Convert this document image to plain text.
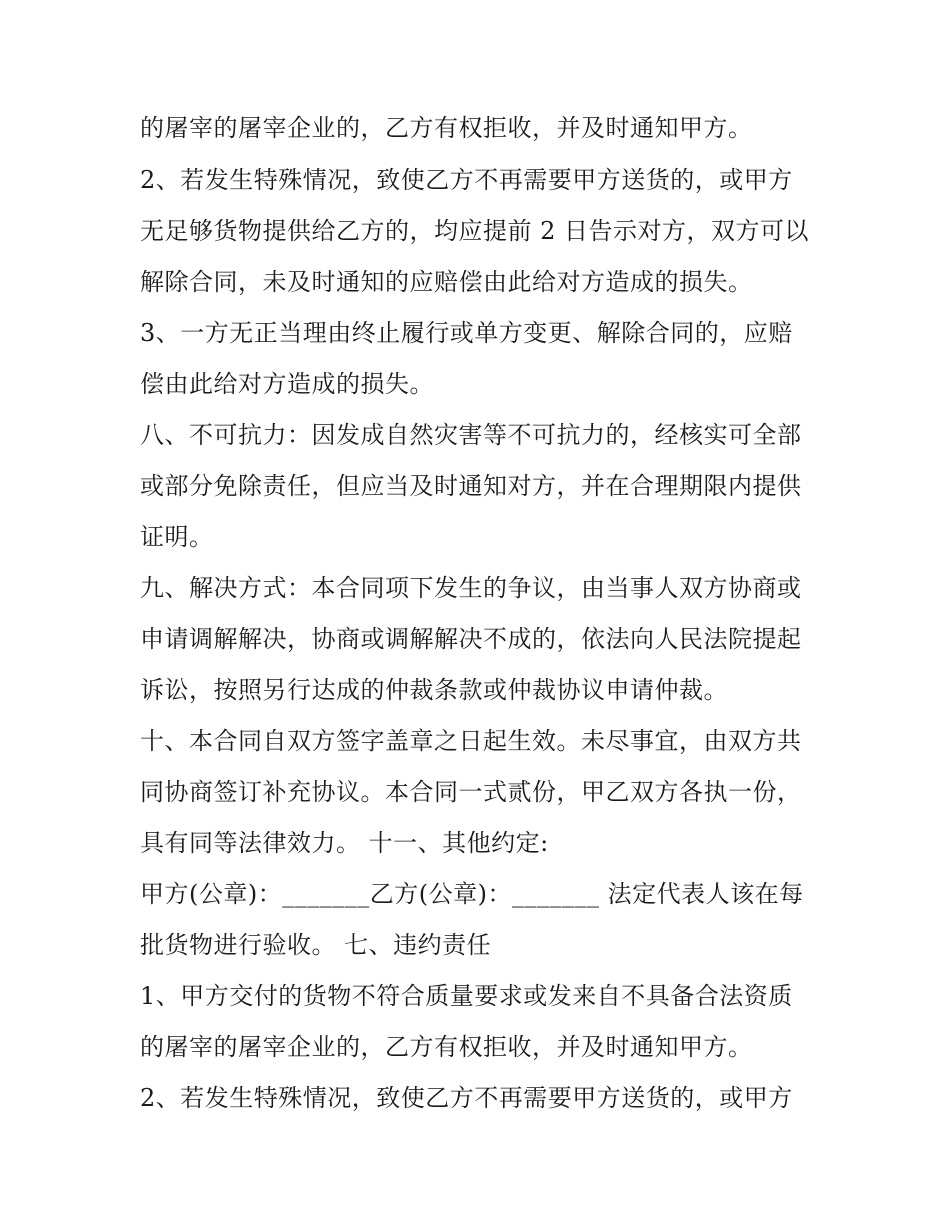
的屠宰的屠宰企业的，乙方有权拒收，并及时通知甲方。
2、若发生特殊情况，致使乙方不再需要甲方送货的，或甲方
无足够货物提供给乙方的，均应提前 2 日告示对方，双方可以
解除合同，未及时通知的应赔偿由此给对方造成的损失。
3、一方无正当理由终止履行或单方变更、解除合同的，应赔
偿由此给对方造成的损失。
八、不可抗力：因发成自然灾害等不可抗力的，经核实可全部
或部分免除责任，但应当及时通知对方，并在合理期限内提供
证明。
九、解决方式：本合同项下发生的争议，由当事人双方协商或
申请调解解决，协商或调解解决不成的，依法向人民法院提起
诉讼，按照另行达成的仲裁条款或仲裁协议申请仲裁。
十、本合同自双方签字盖章之日起生效。未尽事宜，由双方共
同协商签订补充协议。本合同一式贰份，甲乙双方各执一份，
具有同等法律效力。 十一、其他约定:
甲方(公章)：_______乙方(公章)：_______ 法定代表人该在每
批货物进行验收。 七、违约责任
1、甲方交付的货物不符合质量要求或发来自不具备合法资质
的屠宰的屠宰企业的，乙方有权拒收，并及时通知甲方。
2、若发生特殊情况，致使乙方不再需要甲方送货的，或甲方
